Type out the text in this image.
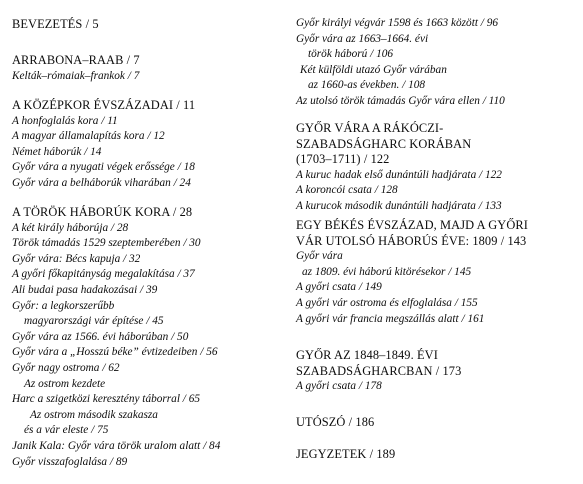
BEVEZETÉS / 5
ARRABONA–RAAB / 7
Kelták–rómaiak–frankok / 7
A KÖZÉPKOR ÉVSZÁZADAI / 11
A honfoglalás kora / 11
A magyar államalapítás kora / 12
Német háborúk / 14
Győr vára a nyugati végek erőssége / 18
Győr vára a belháborúk viharában / 24
A TÖRÖK HÁBORÚK KORA / 28
A két király háborúja / 28
Török támadás 1529 szeptemberében / 30
Győr vára: Bécs kapuja / 32
A győri főkapitányság megalakítása / 37
Ali budai pasa hadakozásai / 39
Győr: a legkorszerűbb
magyarországi vár építése / 45
Győr vára az 1566. évi háborúban / 50
Győr vára a „Hosszú béke” évtizedeiben / 56
Győr nagy ostroma / 62
Az ostrom kezdete
Harc a szigetközi keresztény táborral / 65
Az ostrom második szakasza
és a vár eleste / 75
Janik Kala: Győr vára török uralom alatt / 84
Győr visszafoglalása / 89
Győr királyi végvár 1598 és 1663 között / 96
Győr vára az 1663–1664. évi
török háború / 106
Két külföldi utazó Győr várában
az 1660-as években. / 108
Az utolsó török támadás Győr vára ellen / 110
GYŐR VÁRA A RÁKÓCZI-
SZABADSÁGHARC KORÁBAN
(1703–1711) / 122
A kuruc hadak első dunántúli hadjárata / 122
A koroncói csata / 128
A kurucok második dunántúli hadjárata / 133
EGY BÉKÉS ÉVSZÁZAD, MAJD A GYŐRI
VÁR UTOLSÓ HÁBORÚS ÉVE: 1809 / 143
Győr vára
az 1809. évi háború kitörésekor / 145
A győri csata / 149
A győri vár ostroma és elfoglalása / 155
A győri vár francia megszállás alatt / 161
GYŐR AZ 1848–1849. ÉVI
SZABADSÁGHARCBAN / 173
A győri csata / 178
UTÓSZÓ / 186
JEGYZETEK / 189
